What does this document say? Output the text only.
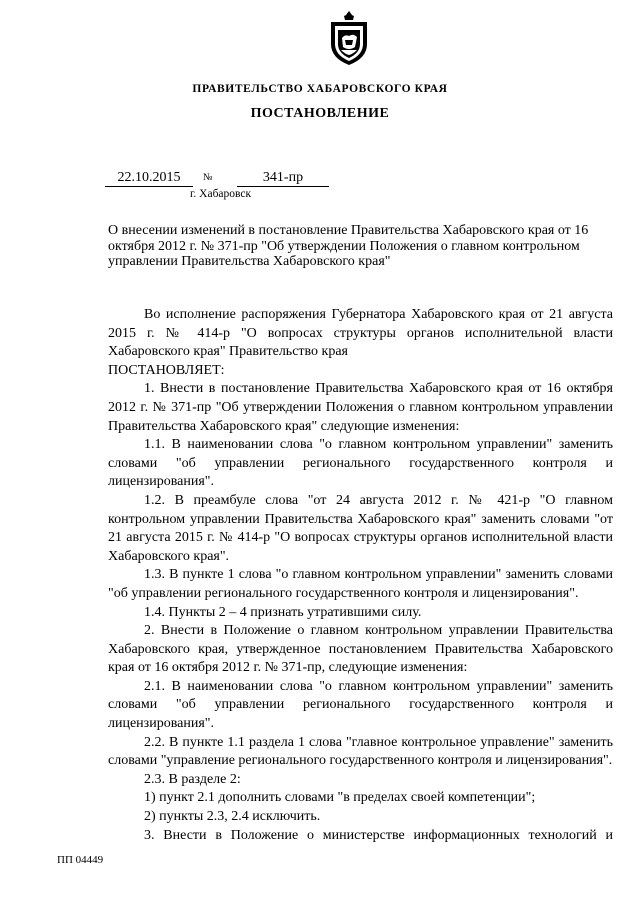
ПРАВИТЕЛЬСТВО ХАБАРОВСКОГО КРАЯ
ПОСТАНОВЛЕНИЕ
22.10.2015	№	341-пр
г. Хабаровск
О внесении изменений в постановление Правительства Хабаровского края от 16 октября 2012 г. № 371-пр "Об утверждении Положения о главном контрольном управлении Правительства Хабаровского края"

Во исполнение распоряжения Губернатора Хабаровского края от 21 августа 2015 г. № 414-р "О вопросах структуры органов исполнительной власти Хабаровского края" Правительство края

ПОСТАНОВЛЯЕТ:

1. Внести в постановление Правительства Хабаровского края от 16 октября 2012 г. № 371-пр "Об утверждении Положения о главном контрольном управлении Правительства Хабаровского края" следующие изменения:

1.1. В наименовании слова "о главном контрольном управлении" заменить словами "об управлении регионального государственного контроля и лицензирования".

1.2. В преамбуле слова "от 24 августа 2012 г. № 421-р "О главном контрольном управлении Правительства Хабаровского края" заменить словами "от 21 августа 2015 г. № 414-р "О вопросах структуры органов исполнительной власти Хабаровского края".

1.3. В пункте 1 слова "о главном контрольном управлении" заменить словами "об управлении регионального государственного контроля и лицензирования".

1.4. Пункты 2 – 4 признать утратившими силу.

2. Внести в Положение о главном контрольном управлении Правительства Хабаровского края, утвержденное постановлением Правительства Хабаровского края от 16 октября 2012 г. № 371-пр, следующие изменения:

2.1. В наименовании слова "о главном контрольном управлении" заменить словами "об управлении регионального государственного контроля и лицензирования".

2.2. В пункте 1.1 раздела 1 слова "главное контрольное управление" заменить словами "управление регионального государственного контроля и лицензирования".

2.3. В разделе 2:

1) пункт 2.1 дополнить словами "в пределах своей компетенции";

2) пункты 2.3, 2.4 исключить.

3. Внести в Положение о министерстве информационных технологий и

ПП 04449
